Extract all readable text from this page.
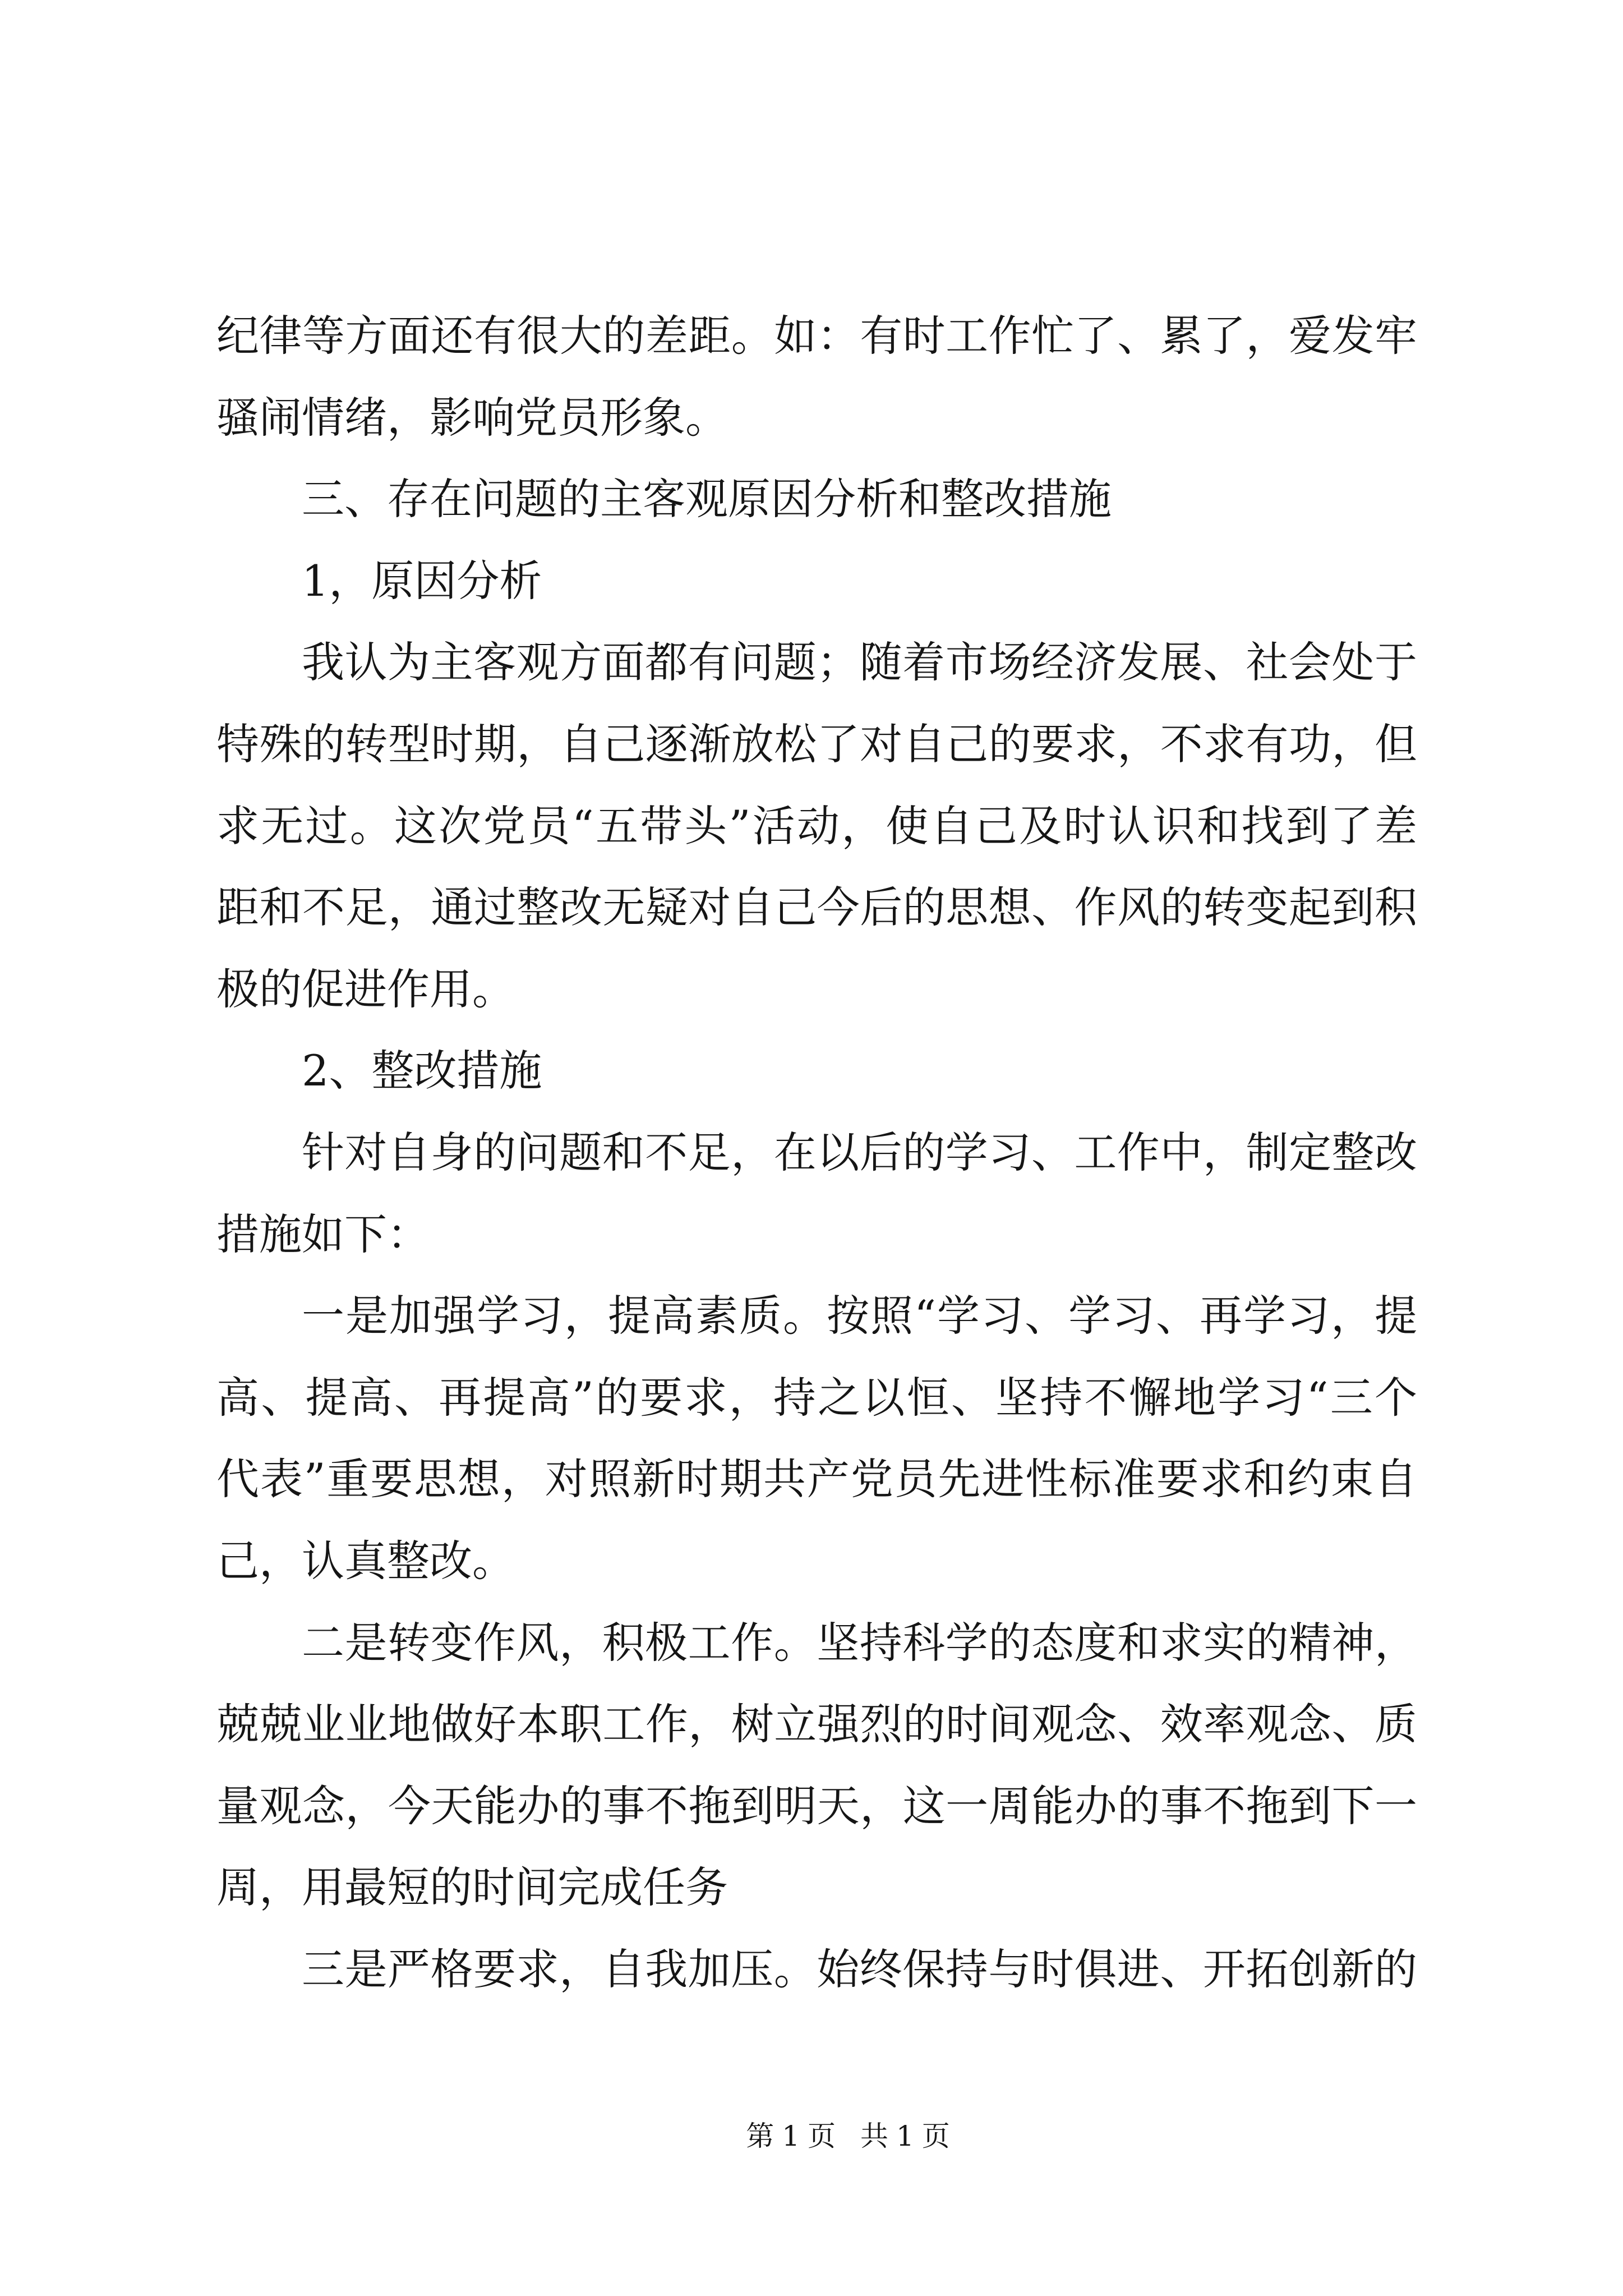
纪律等方面还有很大的差距。如：有时工作忙了、累了，爱发牢
骚闹情绪，影响党员形象。
三、存在问题的主客观原因分析和整改措施
1，原因分析
我认为主客观方面都有问题；随着市场经济发展、社会处于
特殊的转型时期，自己逐渐放松了对自己的要求，不求有功，但
求无过。这次党员“五带头”活动，使自己及时认识和找到了差
距和不足，通过整改无疑对自己今后的思想、作风的转变起到积
极的促进作用。
2、整改措施
针对自身的问题和不足，在以后的学习、工作中，制定整改
措施如下：
一是加强学习，提高素质。按照“学习、学习、再学习，提
高、提高、再提高”的要求，持之以恒、坚持不懈地学习“三个
代表”重要思想，对照新时期共产党员先进性标准要求和约束自
己，认真整改。
二是转变作风，积极工作。坚持科学的态度和求实的精神，
兢兢业业地做好本职工作，树立强烈的时间观念、效率观念、质
量观念，今天能办的事不拖到明天，这一周能办的事不拖到下一
周，用最短的时间完成任务
三是严格要求，自我加压。始终保持与时俱进、开拓创新的
第1页 共1页
